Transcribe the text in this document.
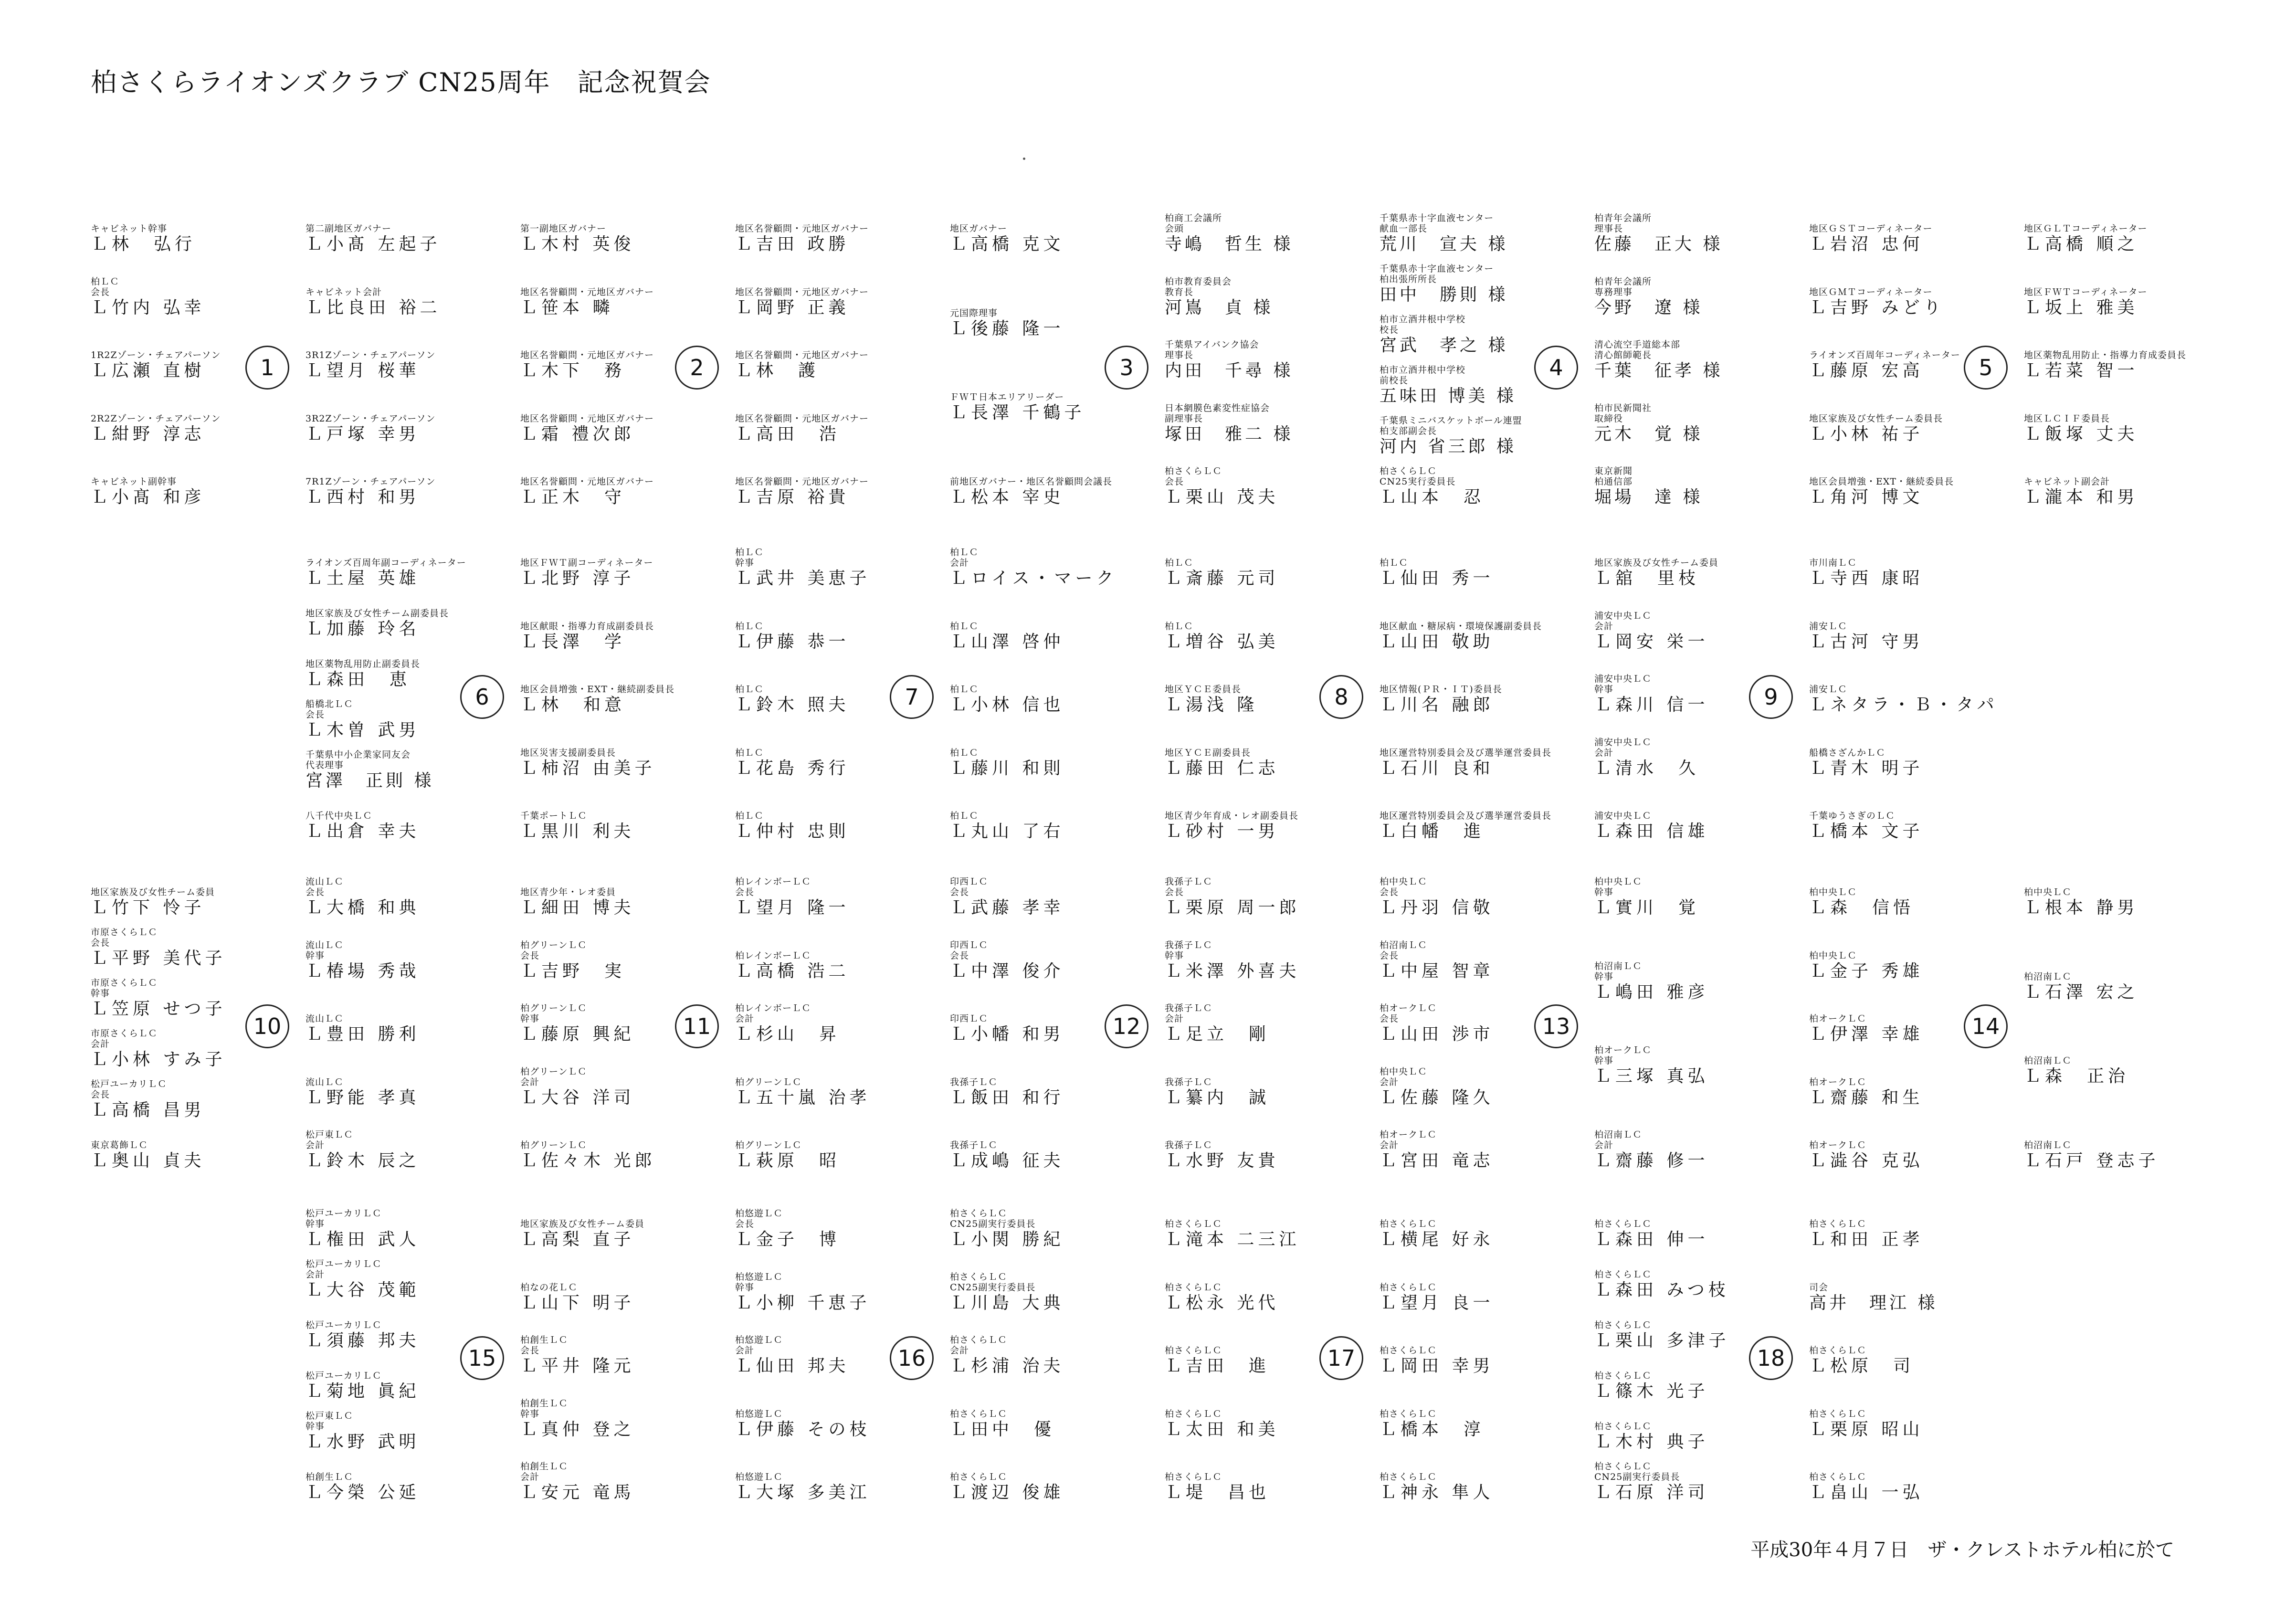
柏さくらライオンズクラブ CN25周年　記念祝賀会
キャビネット幹事
Ｌ林　弘行
柏ＬＣ
会長
Ｌ竹内 弘幸
1R2Zゾーン・チェアパーソン
Ｌ広瀬 直樹
2R2Zゾーン・チェアパーソン
Ｌ紺野 淳志
キャビネット副幹事
Ｌ小髙 和彦
第二副地区ガバナー
Ｌ小髙 左起子
キャビネット会計
Ｌ比良田 裕二
3R1Zゾーン・チェアパーソン
Ｌ望月 桜華
3R2Zゾーン・チェアパーソン
Ｌ戸塚 幸男
7R1Zゾーン・チェアパーソン
Ｌ西村 和男
1
第一副地区ガバナー
Ｌ木村 英俊
地区名誉顧問・元地区ガバナー
Ｌ笹本 疄
地区名誉顧問・元地区ガバナー
Ｌ木下　務
地区名誉顧問・元地区ガバナー
Ｌ霜 禮次郎
地区名誉顧問・元地区ガバナー
Ｌ正木　守
地区名誉顧問・元地区ガバナー
Ｌ吉田 政勝
地区名誉顧問・元地区ガバナー
Ｌ岡野 正義
地区名誉顧問・元地区ガバナー
Ｌ林　護
地区名誉顧問・元地区ガバナー
Ｌ高田　浩
地区名誉顧問・元地区ガバナー
Ｌ吉原 裕貴
2
地区ガバナー
Ｌ高橋 克文
元国際理事
Ｌ後藤 隆一
ＦＷＴ日本エリアリーダー
Ｌ長澤 千鶴子
前地区ガバナー・地区名誉顧問会議長
Ｌ松本 宰史
柏商工会議所
会頭
寺嶋　哲生 様
柏市教育委員会
教育長
河嶌　貞 様
千葉県アイバンク協会
理事長
内田　千尋 様
日本網膜色素変性症協会
副理事長
塚田　雅二 様
柏さくらＬＣ
会長
Ｌ栗山 茂夫
3
千葉県赤十字血液センター
献血一部長
荒川　宣夫 様
千葉県赤十字血液センター
柏出張所所長
田中　勝則 様
柏市立酒井根中学校
校長
宮武　孝之 様
柏市立酒井根中学校
前校長
五味田 博美 様
千葉県ミニバスケットボール連盟
柏支部副会長
河内 省三郎 様
柏さくらＬＣ
CN25実行委員長
Ｌ山本　忍
柏青年会議所
理事長
佐藤　正大 様
柏青年会議所
専務理事
今野　遼 様
清心流空手道総本部
清心館師範長
千葉　征孝 様
柏市民新聞社
取締役
元木　覚 様
東京新聞
柏通信部
堀場　達 様
4
地区ＧＳＴコーディネーター
Ｌ岩沼 忠何
地区ＧＭＴコーディネーター
Ｌ吉野 みどり
ライオンズ百周年コーディネーター
Ｌ藤原 宏高
地区家族及び女性チーム委員長
Ｌ小林 祐子
地区会員増強・EXT・継続委員長
Ｌ角河 博文
地区ＧＬＴコーディネーター
Ｌ高橋 順之
地区ＦＷＴコーディネーター
Ｌ坂上 雅美
地区薬物乱用防止・指導力育成委員長
Ｌ若菜 智一
地区ＬＣＩＦ委員長
Ｌ飯塚 丈夫
キャビネット副会計
Ｌ瀧本 和男
5
ライオンズ百周年副コーディネーター
Ｌ土屋 英雄
地区家族及び女性チーム副委員長
Ｌ加藤 玲名
地区薬物乱用防止副委員長
Ｌ森田　恵
船橋北ＬＣ
会長
Ｌ木曽 武男
千葉県中小企業家同友会
代表理事
宮澤　正則 様
八千代中央ＬＣ
Ｌ出倉 幸夫
地区ＦＷＴ副コーディネーター
Ｌ北野 淳子
地区献眼・指導力育成副委員長
Ｌ長澤　学
地区会員増強・EXT・継続副委員長
Ｌ林　和意
地区災害支援副委員長
Ｌ柿沼 由美子
千葉ポートＬＣ
Ｌ黒川 利夫
6
柏ＬＣ
幹事
Ｌ武井 美恵子
柏ＬＣ
Ｌ伊藤 恭一
柏ＬＣ
Ｌ鈴木 照夫
柏ＬＣ
Ｌ花島 秀行
柏ＬＣ
Ｌ仲村 忠則
柏ＬＣ
会計
Ｌロイス・マーク
柏ＬＣ
Ｌ山澤 啓仲
柏ＬＣ
Ｌ小林 信也
柏ＬＣ
Ｌ藤川 和則
柏ＬＣ
Ｌ丸山 了右
7
柏ＬＣ
Ｌ斎藤 元司
柏ＬＣ
Ｌ増谷 弘美
地区ＹＣＥ委員長
Ｌ湯浅 隆
地区ＹＣＥ副委員長
Ｌ藤田 仁志
地区青少年育成・レオ副委員長
Ｌ砂村 一男
柏ＬＣ
Ｌ仙田 秀一
地区献血・糖尿病・環境保護副委員長
Ｌ山田 敬助
地区情報(ＰＲ・ＩＴ)委員長
Ｌ川名 融郎
地区運営特別委員会及び選挙運営委員長
Ｌ石川 良和
地区運営特別委員会及び選挙運営委員長
Ｌ白幡　進
8
地区家族及び女性チーム委員
Ｌ舘　里枝
浦安中央ＬＣ
会計
Ｌ岡安 栄一
浦安中央ＬＣ
幹事
Ｌ森川 信一
浦安中央ＬＣ
会計
Ｌ清水　久
浦安中央ＬＣ
Ｌ森田 信雄
市川南ＬＣ
Ｌ寺西 康昭
浦安ＬＣ
Ｌ古河 守男
浦安ＬＣ
Ｌネタラ・Ｂ・タパ
船橋さざんかＬＣ
Ｌ青木 明子
千葉ゆうさぎのＬＣ
Ｌ橋本 文子
9
地区家族及び女性チーム委員
Ｌ竹下 怜子
市原さくらＬＣ
会長
Ｌ平野 美代子
市原さくらＬＣ
幹事
Ｌ笠原 せつ子
市原さくらＬＣ
会計
Ｌ小林 すみ子
松戸ユーカリＬＣ
会長
Ｌ高橋 昌男
東京葛飾ＬＣ
Ｌ奥山 貞夫
流山ＬＣ
会長
Ｌ大橋 和典
流山ＬＣ
幹事
Ｌ椿場 秀哉
流山ＬＣ
Ｌ豊田 勝利
流山ＬＣ
Ｌ野能 孝真
松戸東ＬＣ
会計
Ｌ鈴木 辰之
10
地区青少年・レオ委員
Ｌ細田 博夫
柏グリーンＬＣ
会長
Ｌ吉野　実
柏グリーンＬＣ
幹事
Ｌ藤原 興紀
柏グリーンＬＣ
会計
Ｌ大谷 洋司
柏グリーンＬＣ
Ｌ佐々木 光郎
柏レインボーＬＣ
会長
Ｌ望月 隆一
柏レインボーＬＣ
Ｌ高橋 浩二
柏レインボーＬＣ
会計
Ｌ杉山　昇
柏グリーンＬＣ
Ｌ五十嵐 治孝
柏グリーンＬＣ
Ｌ萩原　昭
11
印西ＬＣ
会長
Ｌ武藤 孝幸
印西ＬＣ
会長
Ｌ中澤 俊介
印西ＬＣ
Ｌ小幡 和男
我孫子ＬＣ
Ｌ飯田 和行
我孫子ＬＣ
Ｌ成嶋 征夫
我孫子ＬＣ
会長
Ｌ栗原 周一郎
我孫子ＬＣ
幹事
Ｌ米澤 外喜夫
我孫子ＬＣ
会計
Ｌ足立　剛
我孫子ＬＣ
Ｌ纂内　誠
我孫子ＬＣ
Ｌ水野 友貴
12
柏中央ＬＣ
会長
Ｌ丹羽 信敬
柏沼南ＬＣ
会長
Ｌ中屋 智章
柏オークＬＣ
会長
Ｌ山田 渉市
柏中央ＬＣ
会計
Ｌ佐藤 隆久
柏オークＬＣ
会計
Ｌ宮田 竜志
柏中央ＬＣ
幹事
Ｌ實川　覚
柏沼南ＬＣ
幹事
Ｌ嶋田 雅彦
柏オークＬＣ
幹事
Ｌ三塚 真弘
柏沼南ＬＣ
会計
Ｌ齋藤 修一
13
柏中央ＬＣ
Ｌ森　信悟
柏中央ＬＣ
Ｌ金子 秀雄
柏オークＬＣ
Ｌ伊澤 幸雄
柏オークＬＣ
Ｌ齋藤 和生
柏オークＬＣ
Ｌ澁谷 克弘
柏中央ＬＣ
Ｌ根本 静男
柏沼南ＬＣ
Ｌ石澤 宏之
柏沼南ＬＣ
Ｌ森　正治
柏沼南ＬＣ
Ｌ石戸 登志子
14
松戸ユーカリＬＣ
幹事
Ｌ権田 武人
松戸ユーカリＬＣ
会計
Ｌ大谷 茂範
松戸ユーカリＬＣ
Ｌ須藤 邦夫
松戸ユーカリＬＣ
Ｌ菊地 眞紀
松戸東ＬＣ
幹事
Ｌ水野 武明
柏創生ＬＣ
Ｌ今榮 公延
地区家族及び女性チーム委員
Ｌ高梨 直子
柏なの花ＬＣ
Ｌ山下 明子
柏創生ＬＣ
会長
Ｌ平井 隆元
柏創生ＬＣ
幹事
Ｌ真仲 登之
柏創生ＬＣ
会計
Ｌ安元 竜馬
15
柏悠遊ＬＣ
会長
Ｌ金子　博
柏悠遊ＬＣ
幹事
Ｌ小柳 千恵子
柏悠遊ＬＣ
会計
Ｌ仙田 邦夫
柏悠遊ＬＣ
Ｌ伊藤 その枝
柏悠遊ＬＣ
Ｌ大塚 多美江
柏さくらＬＣ
CN25副実行委員長
Ｌ小関 勝紀
柏さくらＬＣ
CN25副実行委員長
Ｌ川島 大典
柏さくらＬＣ
会計
Ｌ杉浦 治夫
柏さくらＬＣ
Ｌ田中　優
柏さくらＬＣ
Ｌ渡辺 俊雄
16
柏さくらＬＣ
Ｌ滝本 二三江
柏さくらＬＣ
Ｌ松永 光代
柏さくらＬＣ
Ｌ吉田　進
柏さくらＬＣ
Ｌ太田 和美
柏さくらＬＣ
Ｌ堤　昌也
柏さくらＬＣ
Ｌ横尾 好永
柏さくらＬＣ
Ｌ望月 良一
柏さくらＬＣ
Ｌ岡田 幸男
柏さくらＬＣ
Ｌ橋本　淳
柏さくらＬＣ
Ｌ神永 隼人
17
柏さくらＬＣ
Ｌ森田 伸一
柏さくらＬＣ
Ｌ森田 みつ枝
柏さくらＬＣ
Ｌ栗山 多津子
柏さくらＬＣ
Ｌ篠木 光子
柏さくらＬＣ
Ｌ木村 典子
柏さくらＬＣ
CN25副実行委員長
Ｌ石原 洋司
柏さくらＬＣ
Ｌ和田 正孝
司会
高井　理江 様
柏さくらＬＣ
Ｌ松原　司
柏さくらＬＣ
Ｌ栗原 昭山
柏さくらＬＣ
Ｌ畠山 一弘
18
平成30年４月７日　ザ・クレストホテル柏に於て
